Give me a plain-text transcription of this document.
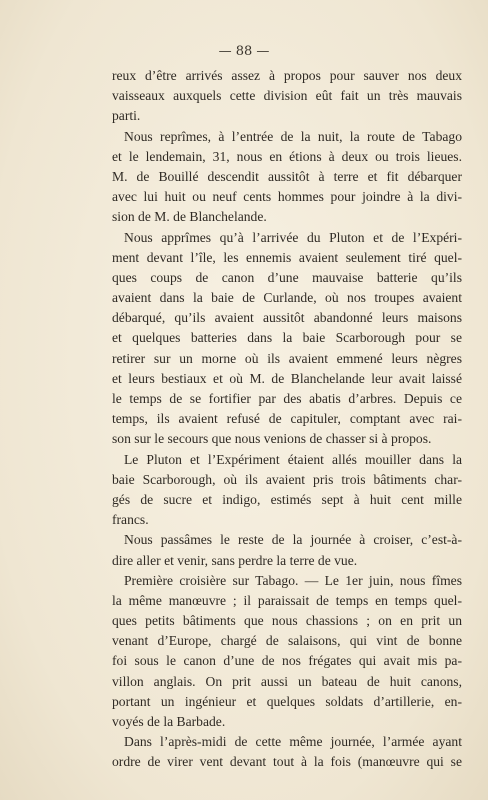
— 88 —
reux d’être arrivés assez à propos pour sauver nos deux
vaisseaux auxquels cette division eût fait un très mauvais
parti.
Nous reprîmes, à l’entrée de la nuit, la route de Tabago
et le lendemain, 31, nous en étions à deux ou trois lieues.
M. de Bouillé descendit aussitôt à terre et fit débarquer
avec lui huit ou neuf cents hommes pour joindre à la divi-
sion de M. de Blanchelande.
Nous apprîmes qu’à l’arrivée du Pluton et de l’Expéri-
ment devant l’île, les ennemis avaient seulement tiré quel-
ques coups de canon d’une mauvaise batterie qu’ils
avaient dans la baie de Curlande, où nos troupes avaient
débarqué, qu’ils avaient aussitôt abandonné leurs maisons
et quelques batteries dans la baie Scarborough pour se
retirer sur un morne où ils avaient emmené leurs nègres
et leurs bestiaux et où M. de Blanchelande leur avait laissé
le temps de se fortifier par des abatis d’arbres. Depuis ce
temps, ils avaient refusé de capituler, comptant avec rai-
son sur le secours que nous venions de chasser si à propos.
Le Pluton et l’Expériment étaient allés mouiller dans la
baie Scarborough, où ils avaient pris trois bâtiments char-
gés de sucre et indigo, estimés sept à huit cent mille
francs.
Nous passâmes le reste de la journée à croiser, c’est-à-
dire aller et venir, sans perdre la terre de vue.
Première croisière sur Tabago. — Le 1er juin, nous fîmes
la même manœuvre ; il paraissait de temps en temps quel-
ques petits bâtiments que nous chassions ; on en prit un
venant d’Europe, chargé de salaisons, qui vint de bonne
foi sous le canon d’une de nos frégates qui avait mis pa-
villon anglais. On prit aussi un bateau de huit canons,
portant un ingénieur et quelques soldats d’artillerie, en-
voyés de la Barbade.
Dans l’après-midi de cette même journée, l’armée ayant
ordre de virer vent devant tout à la fois (manœuvre qui se
